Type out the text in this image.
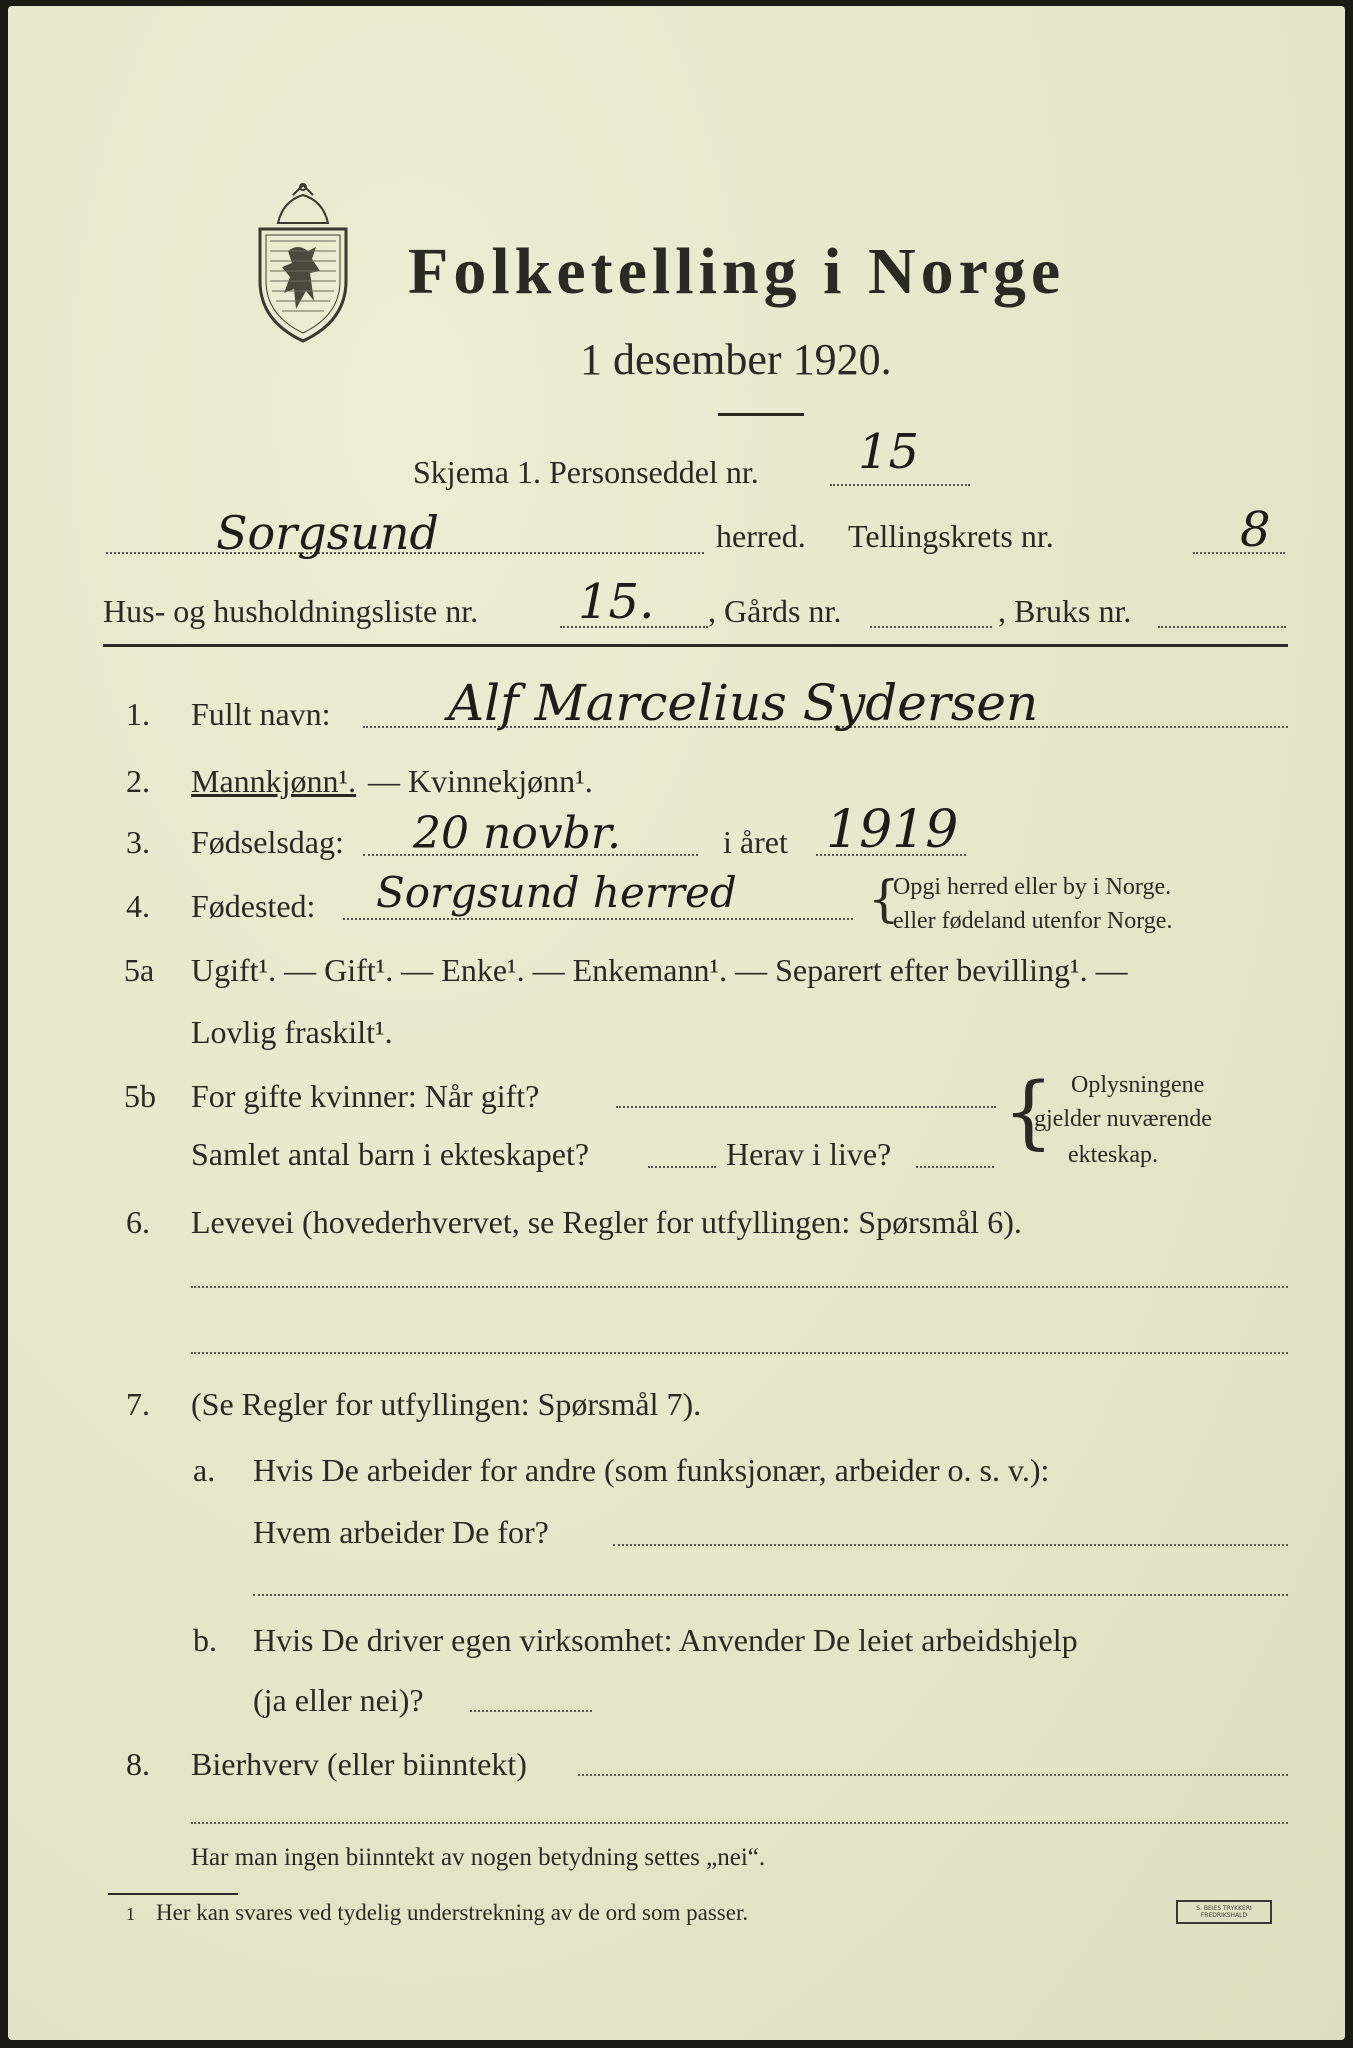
Folketelling i Norge
1 desember 1920.
Skjema 1. Personseddel nr. 15
Sorgsund	herred. Tellingskrets nr.	8
Hus- og husholdningsliste nr. 15. , Gårds nr.	, Bruks nr.
1. Fullt navn: Alf Marcelius Sydersen
2. Mannkjønn¹. — Kvinnekjønn¹.
3. Fødselsdag: 20 novbr.	i året 1919
4. Fødested: Sorgsund herred	{
Opgi herred eller by i Norge.
eller fødeland utenfor Norge.
5a Ugift¹. — Gift¹. — Enke¹. — Enkemann¹. — Separert efter bevilling¹. —
Lovlig fraskilt¹.
5b For gifte kvinner: Når gift?
Samlet antal barn i ekteskapet?	Herav i live? { Oplysningene
gjelder nuværende
ekteskap.
6. Levevei (hovederhvervet, se Regler for utfyllingen: Spørsmål 6).
7. (Se Regler for utfyllingen: Spørsmål 7).
a. Hvis De arbeider for andre (som funksjonær, arbeider o. s. v.):
Hvem arbeider De for?
b. Hvis De driver egen virksomhet: Anvender De leiet arbeidshjelp
(ja eller nei)?
8. Bierhverv (eller biinntekt)
Har man ingen biinntekt av nogen betydning settes „nei“.
1 Her kan svares ved tydelig understrekning av de ord som passer.	S. BEIES TRYKKERI FREDRIKSHALD
